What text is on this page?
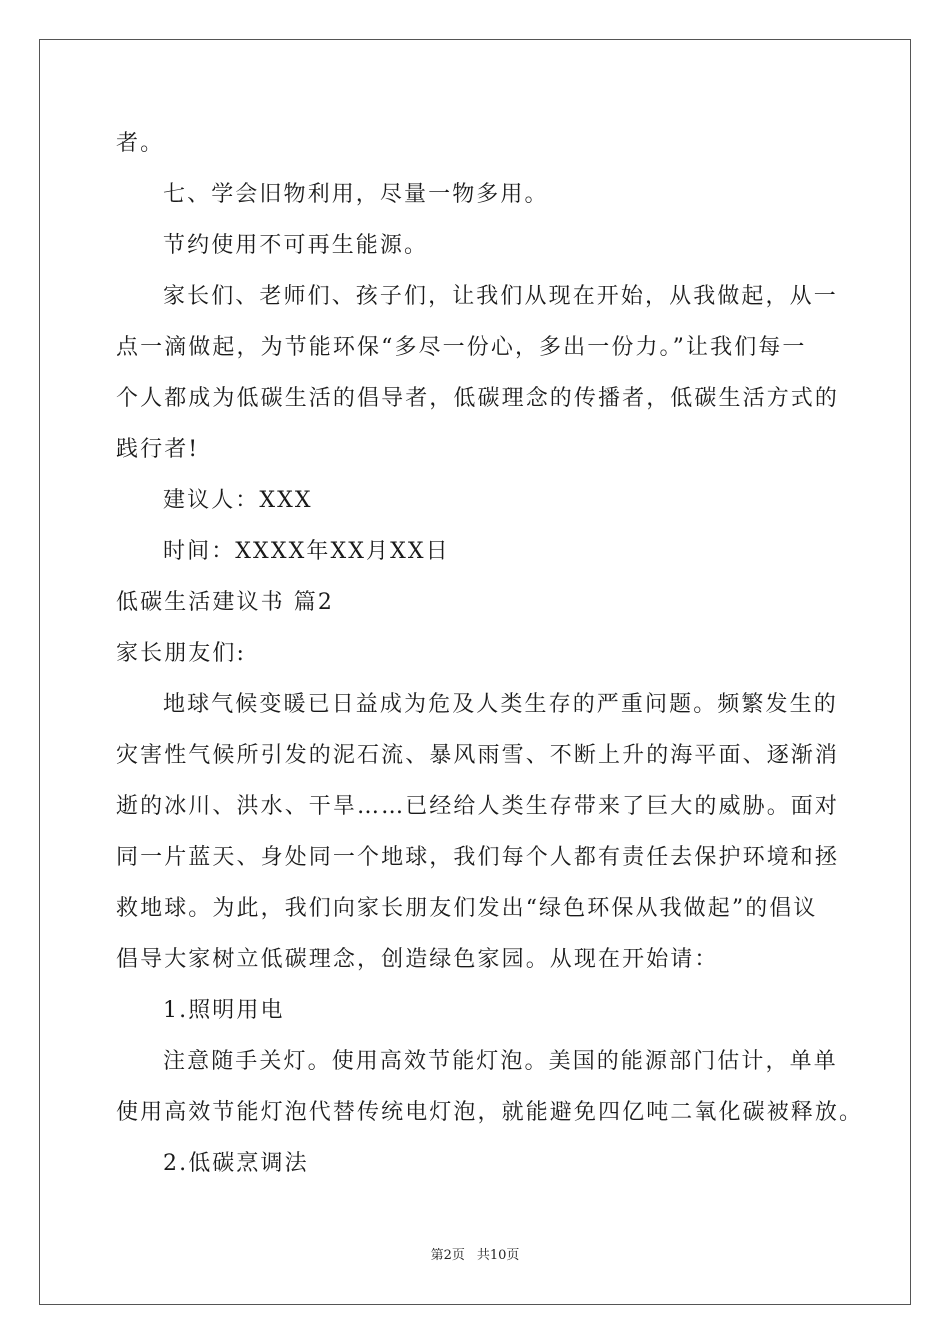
者。
七、学会旧物利用，尽量一物多用。
节约使用不可再生能源。
家长们、老师们、孩子们，让我们从现在开始，从我做起，从一
点一滴做起，为节能环保“多尽一份心，多出一份力。”让我们每一
个人都成为低碳生活的倡导者，低碳理念的传播者，低碳生活方式的
践行者!
建议人：XXX
时间：XXXX年XX月XX日
低碳生活建议书 篇2
家长朋友们:
地球气候变暖已日益成为危及人类生存的严重问题。频繁发生的
灾害性气候所引发的泥石流、暴风雨雪、不断上升的海平面、逐渐消
逝的冰川、洪水、干旱……已经给人类生存带来了巨大的威胁。面对
同一片蓝天、身处同一个地球，我们每个人都有责任去保护环境和拯
救地球。为此，我们向家长朋友们发出“绿色环保从我做起”的倡议
倡导大家树立低碳理念，创造绿色家园。从现在开始请：
1.照明用电
注意随手关灯。使用高效节能灯泡。美国的能源部门估计，单单
使用高效节能灯泡代替传统电灯泡，就能避免四亿吨二氧化碳被释放。
2.低碳烹调法
第2页 共10页
